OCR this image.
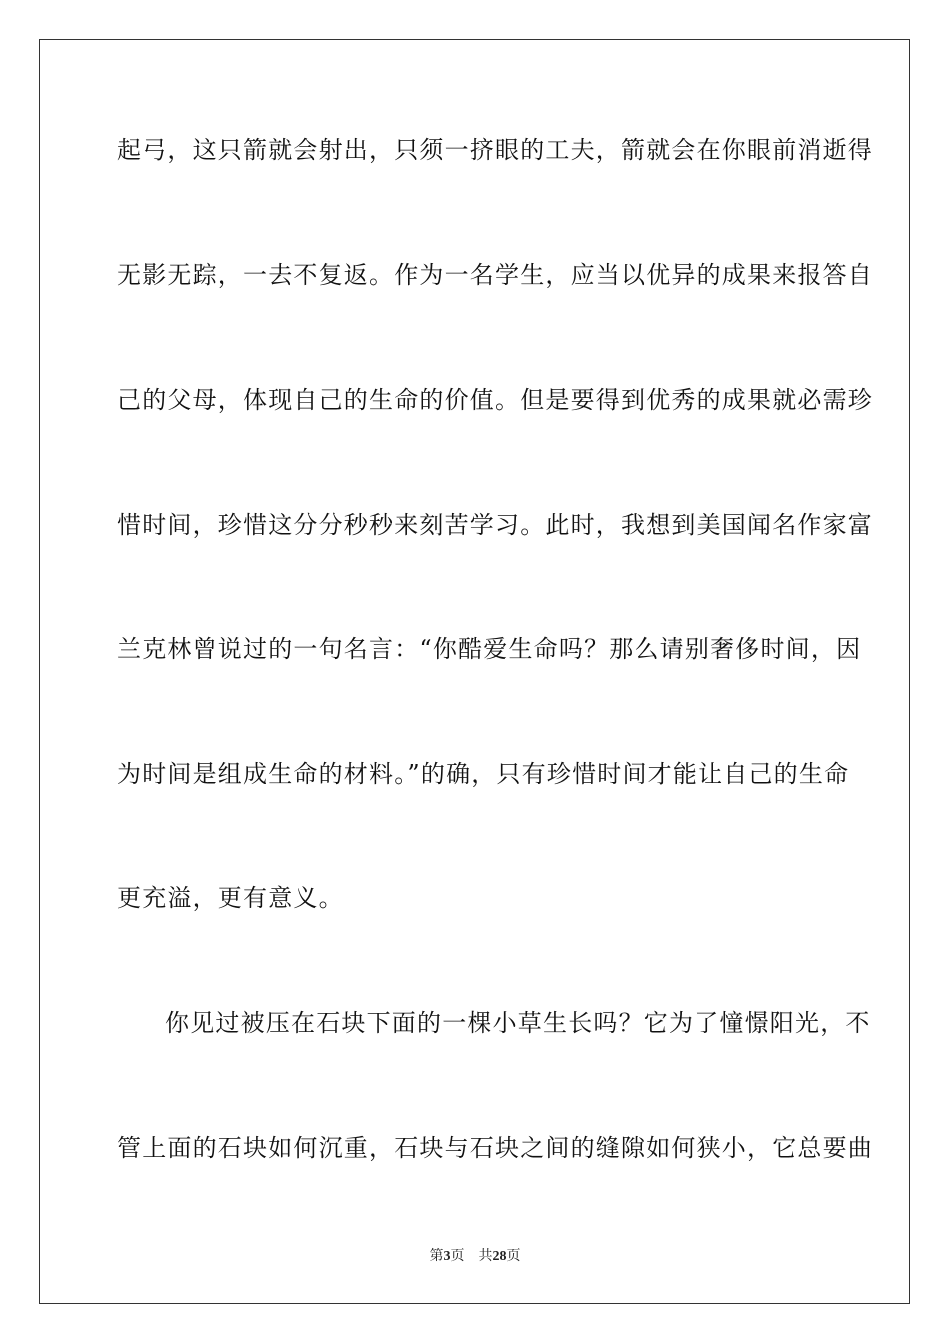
起弓，这只箭就会射出，只须一挤眼的工夫，箭就会在你眼前消逝得
无影无踪，一去不复返。作为一名学生，应当以优异的成果来报答自
己的父母，体现自己的生命的价值。但是要得到优秀的成果就必需珍
惜时间，珍惜这分分秒秒来刻苦学习。此时，我想到美国闻名作家富
兰克林曾说过的一句名言：“你酷爱生命吗？那么请别奢侈时间，因
为时间是组成生命的材料。”的确，只有珍惜时间才能让自己的生命
更充溢，更有意义。
你见过被压在石块下面的一棵小草生长吗？它为了憧憬阳光，不
管上面的石块如何沉重，石块与石块之间的缝隙如何狭小，它总要曲
第3页 共28页
